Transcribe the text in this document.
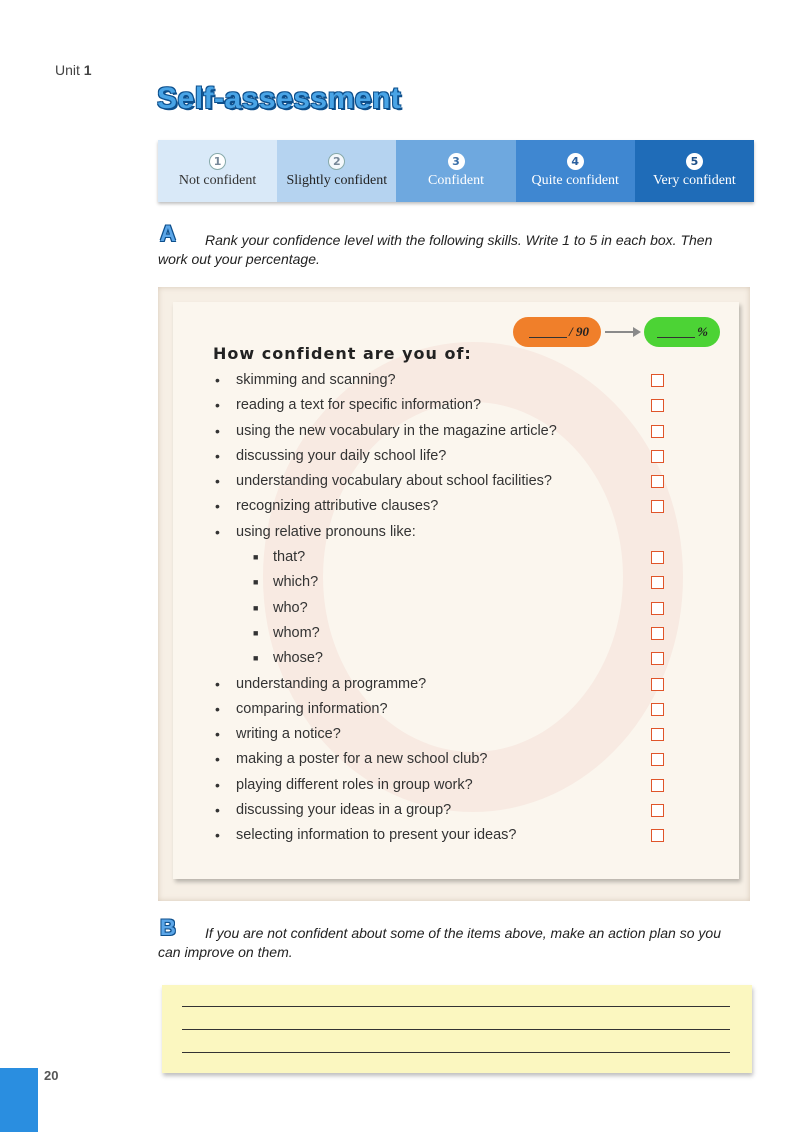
Unit 1
Self-assessment
1
Not confident
2
Slightly confident
3
Confident
4
Quite confident
5
Very confident
A Rank your confidence level with the following skills. Write 1 to 5 in each box. Then
work out your percentage.
/ 90	%
How confident are you of:
• skimming and scanning?
• reading a text for specific information?
• using the new vocabulary in the magazine article?
• discussing your daily school life?
• understanding vocabulary about school facilities?
• recognizing attributive clauses?
• using relative pronouns like:
■ that?
■ which?
■ who?
■ whom?
■ whose?
• understanding a programme?
• comparing information?
• writing a notice?
• making a poster for a new school club?
• playing different roles in group work?
• discussing your ideas in a group?
• selecting information to present your ideas?
B If you are not confident about some of the items above, make an action plan so you
can improve on them.
20
